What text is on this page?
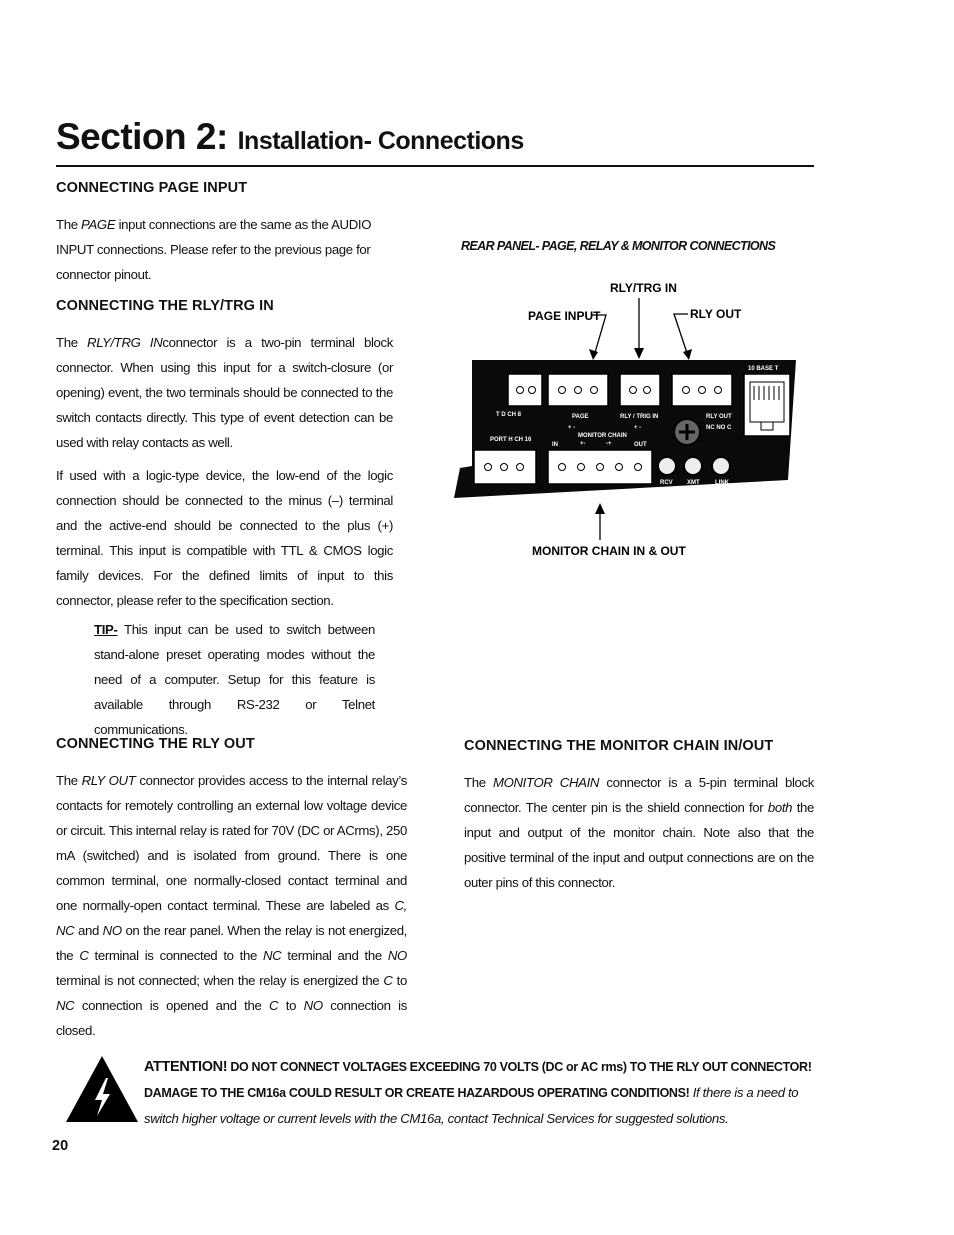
Section 2: Installation- Connections
CONNECTING PAGE INPUT

The PAGE input connections are the same as the AUDIO INPUT connections. Please refer to the previous page for connector pinout.

CONNECTING THE RLY/TRG IN

The RLY/TRG INconnector is a two-pin terminal block connector. When using this input for a switch-closure (or opening) event, the two terminals should be connected to the switch contacts directly. This type of event detection can be used with relay contacts as well.

If used with a logic-type device, the low-end of the logic connection should be connected to the minus (–) terminal and the active-end should be connected to the plus (+) terminal. This input is compatible with TTL & CMOS logic family devices. For the defined limits of input to this connector, please refer to the specification section.

TIP- This input can be used to switch between stand-alone preset operating modes without the need of a computer. Setup for this feature is available through RS-232 or Telnet communications.

CONNECTING THE RLY OUT

The RLY OUT connector provides access to the internal relay’s contacts for remotely controlling an external low voltage device or circuit. This internal relay is rated for 70V (DC or ACrms), 250 mA (switched) and is isolated from ground. There is one common terminal, one normally-closed contact terminal and one normally-open contact terminal. These are labeled as C, NC and NO on the rear panel. When the relay is not energized, the C terminal is connected to the NC terminal and the NO terminal is not connected; when the relay is energized the C to NC connection is opened and the C to NO connection is closed.

REAR PANEL- PAGE, RELAY & MONITOR CONNECTIONS
10 BASE T
T D CH 8	PAGE	RLY / TRIG IN	RLY OUT
NC NO C
+ -	+ -
PORT H CH 16
MONITOR CHAIN
+-	-+
IN	OUT
RCV XMT	LINK
STATUS
RLY/TRG IN
PAGE INPUT	RLY OUT
MONITOR CHAIN IN & OUT
CONNECTING THE MONITOR CHAIN IN/OUT

The MONITOR CHAIN connector is a 5-pin terminal block connector. The center pin is the shield connection for both the input and output of the monitor chain. Note also that the positive terminal of the input and output connections are on the outer pins of this connector.

ATTENTION! DO NOT CONNECT VOLTAGES EXCEEDING 70 VOLTS (DC or AC rms) TO THE RLY OUT CONNECTOR!
DAMAGE TO THE CM16a COULD RESULT OR CREATE HAZARDOUS OPERATING CONDITIONS! If there is a need to switch higher voltage or current levels with the CM16a, contact Technical Services for suggested solutions.
20
